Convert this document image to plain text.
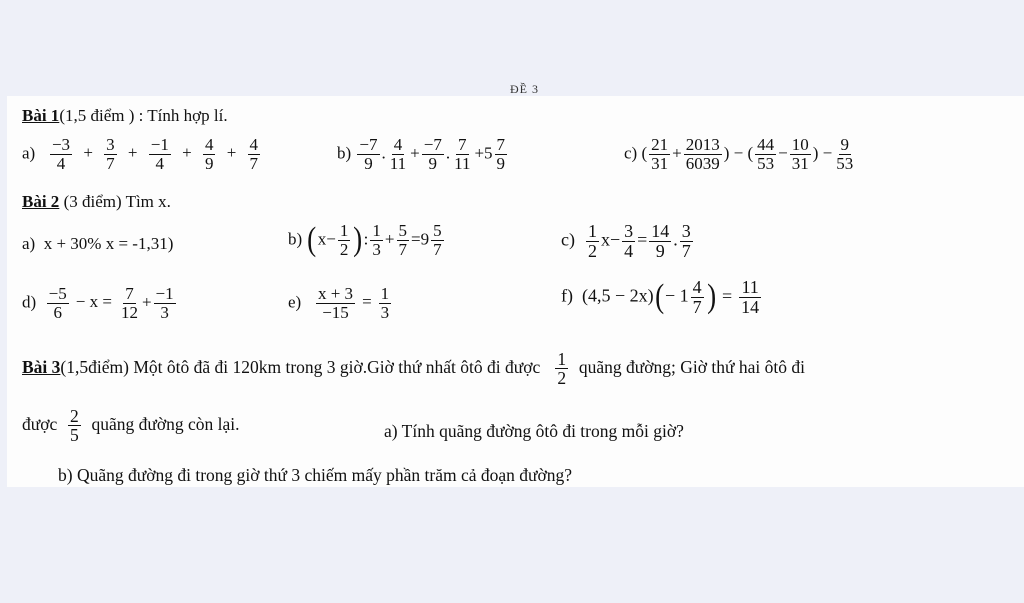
ĐỀ 3
Bài 1(1,5 điểm ) : Tính hợp lí.
$a) \frac{-3}{4} + \frac{3}{7} + \frac{-1}{4} + \frac{4}{9} + \frac{4}{7}$	$b) \frac{-7}{9}$ . $\frac{4}{11} + \frac{-7}{9}$ . $\frac{7}{11} +5 \frac{7}{9}$	c) ( $\frac{21}{31} + \frac{2013}{6039}$ ) − ( $\frac{44}{53} - \frac{10}{31}$ ) − $\frac{9}{53}$
Bài 2 (3 điểm) Tìm x.
a) x + 30% x = -1,31)	b) ($x- \frac{1}{2}$ ): $\frac{1}{3} + \frac{5}{7} =9 \frac{5}{7}$	$c) \frac{1}{2} x- \frac{3}{4} = \frac{14}{9}$ . $\frac{3}{7}$
$d) \frac{-5}{6} - x = \frac{7}{12} + \frac{-1}{3}$	$e) \frac{x + 3}{-15} = \frac{1}{3}$	f) $(4,5 - 2x)(- 1 \frac{4}{7}$ ) = $\frac{11}{14}$
Bài 3(1,5điểm) Một ôtô đã đi 120km trong 3 giờ.Giờ thứ nhất ôtô đi được $\frac{1}{2}$ quãng đường; Giờ thứ hai ôtô đi
được $\frac{2}{5}$ quãng đường còn lại.	a) Tính quãng đường ôtô đi trong mỗi giờ?
b) Quãng đường đi trong giờ thứ 3 chiếm mấy phần trăm cả đoạn đường?
